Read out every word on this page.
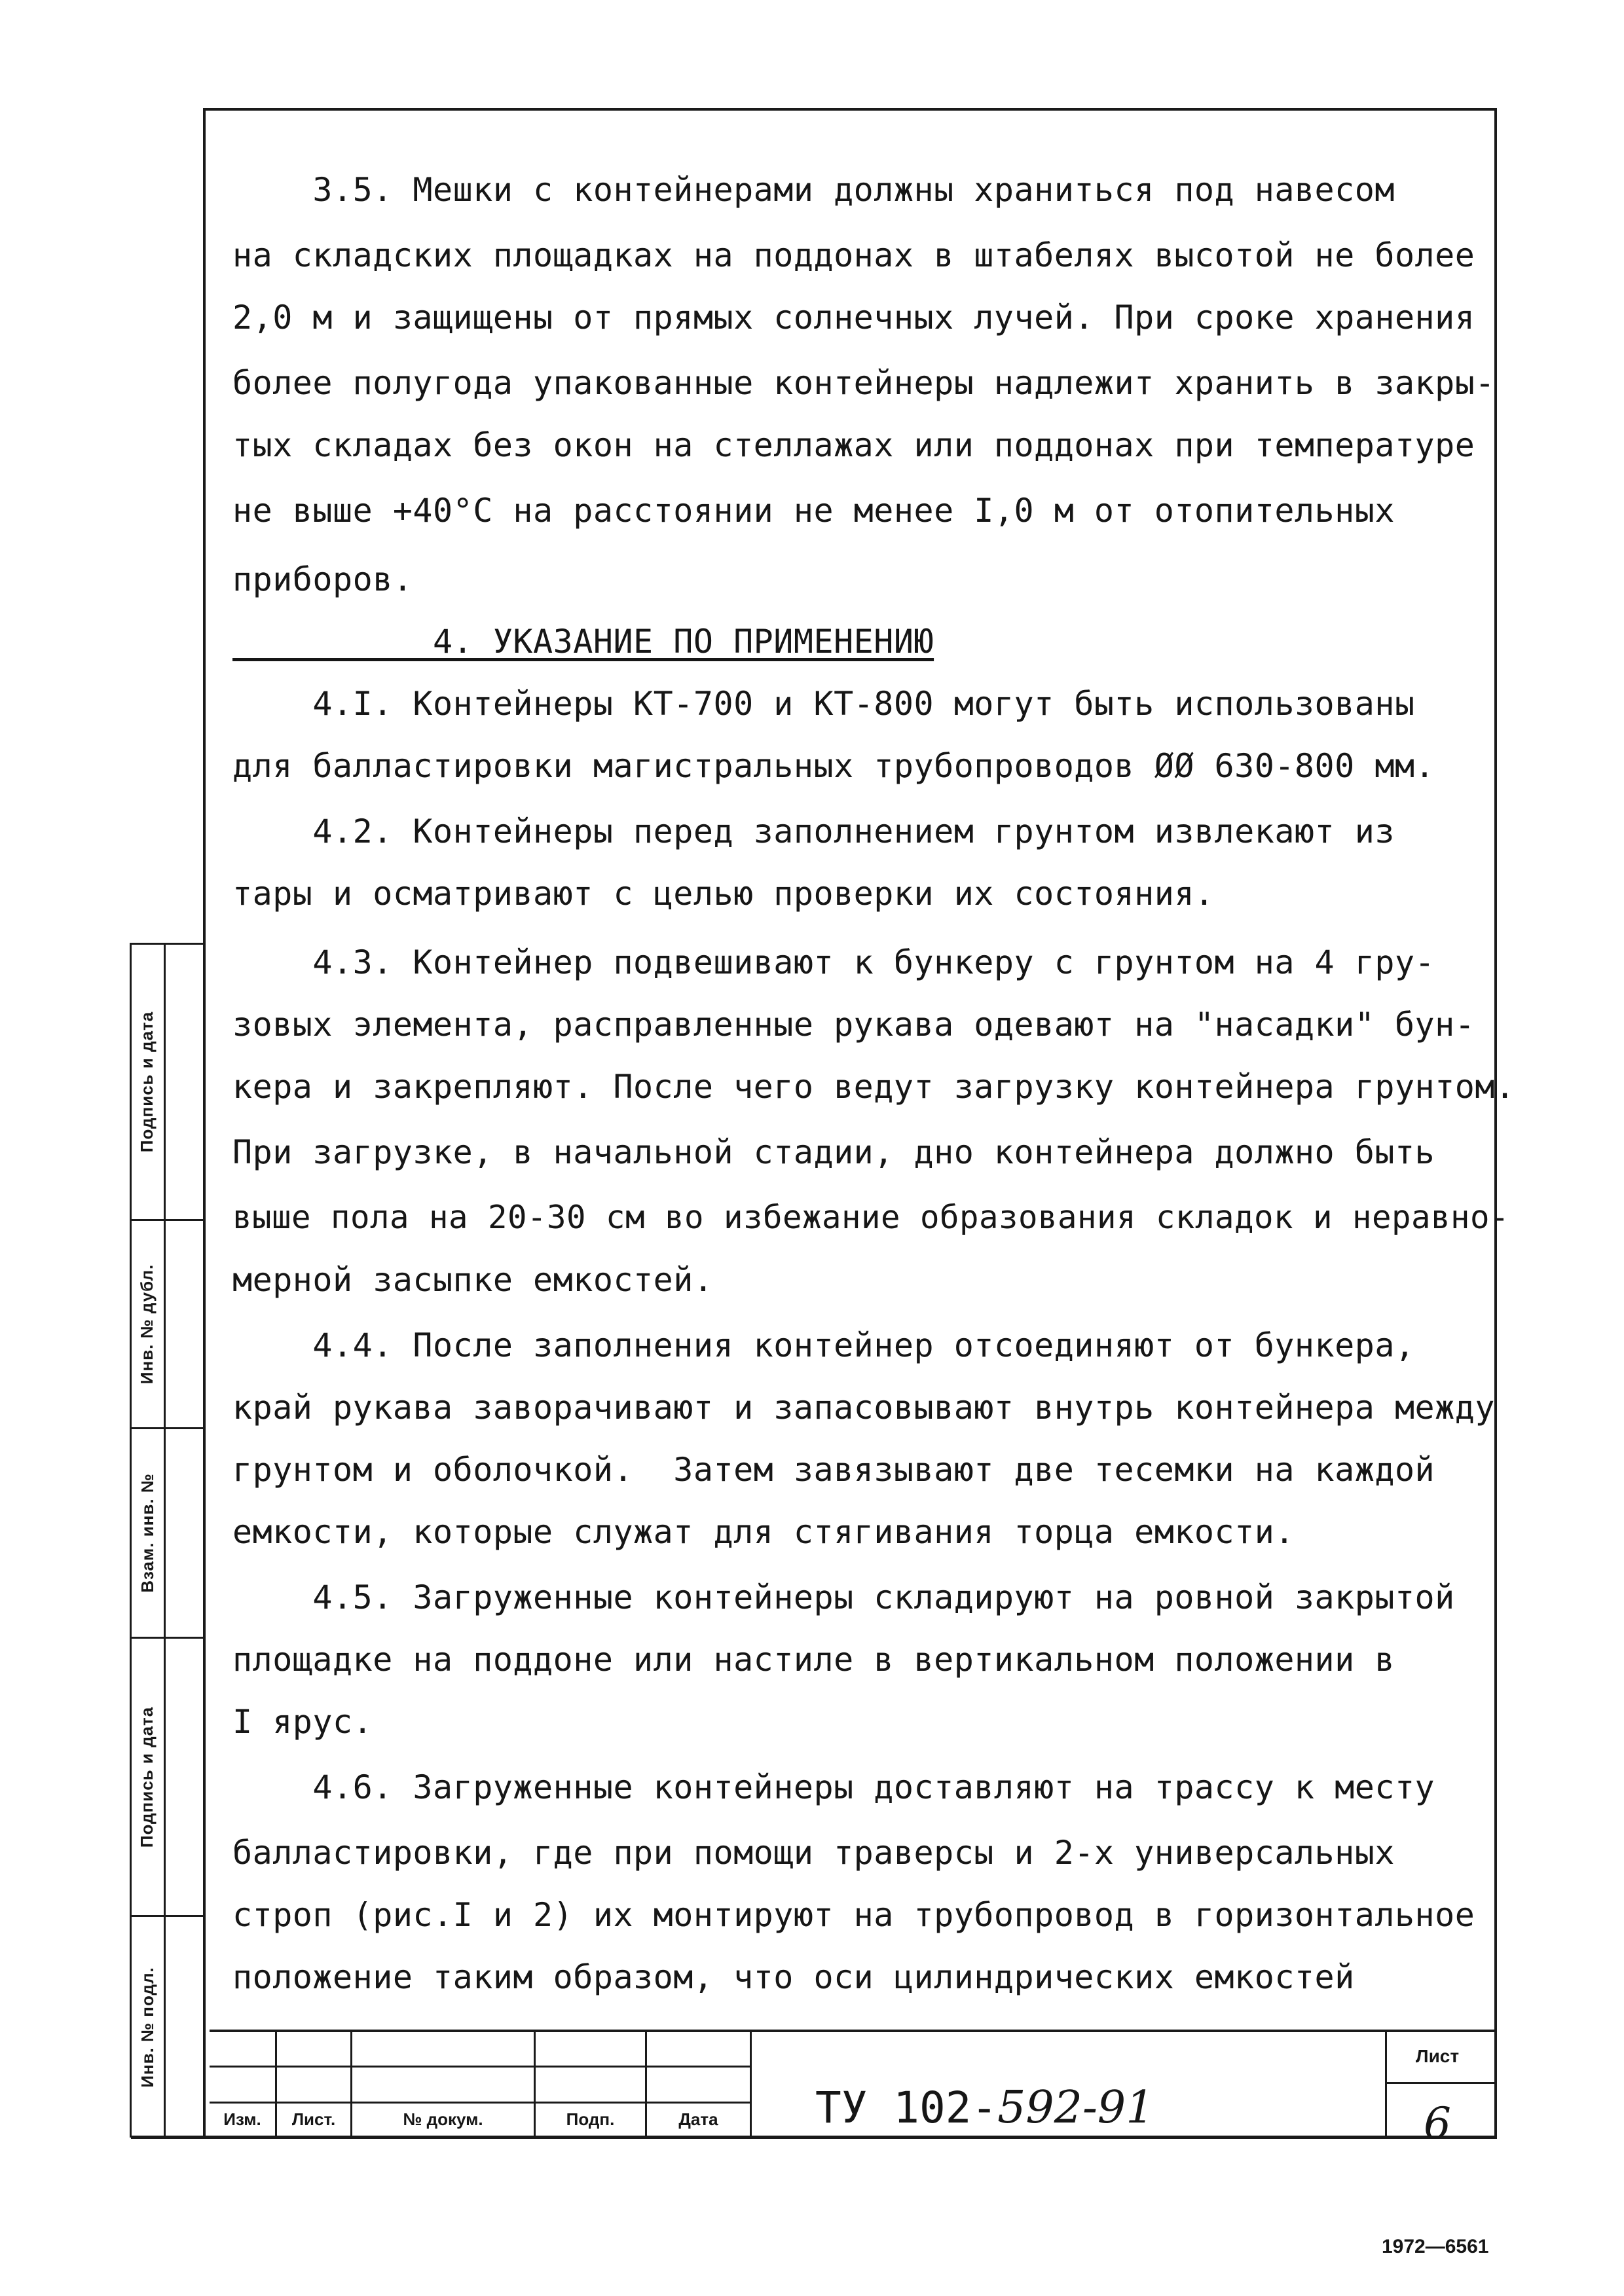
3.5. Мешки с контейнерами должны храниться под навесом
на складских площадках на поддонах в штабелях высотой не более
2,0 м и защищены от прямых солнечных лучей. При сроке хранения
более полугода упакованные контейнеры надлежит хранить в закры-
тых складах без окон на стеллажах или поддонах при температуре
не выше +40°С на расстоянии не менее I,0 м от отопительных
приборов.
4. УКАЗАНИЕ ПО ПРИМЕНЕНИЮ
4.I. Контейнеры КТ-700 и КТ-800 могут быть использованы
для балластировки магистральных трубопроводов ØØ 630-800 мм.
4.2. Контейнеры перед заполнением грунтом извлекают из
тары и осматривают с целью проверки их состояния.
4.3. Контейнер подвешивают к бункеру с грунтом на 4 гру-
зовых элемента, расправленные рукава одевают на "насадки" бун-
кера и закрепляют. После чего ведут загрузку контейнера грунтом.
При загрузке, в начальной стадии, дно контейнера должно быть
выше пола на 20-30 см во избежание образования складок и неравно-
мерной засыпке емкостей.
4.4. После заполнения контейнер отсоединяют от бункера,
край рукава заворачивают и запасовывают внутрь контейнера между
грунтом и оболочкой.  Затем завязывают две тесемки на каждой
емкости, которые служат для стягивания торца емкости.
4.5. Загруженные контейнеры складируют на ровной закрытой
площадке на поддоне или настиле в вертикальном положении в
I ярус.
4.6. Загруженные контейнеры доставляют на трассу к месту
балластировки, где при помощи траверсы и 2-х универсальных
строп (рис.I и 2) их монтируют на трубопровод в горизонтальное
положение таким образом, что оси цилиндрических емкостей
Подпись и дата
Инв. № дубл.
Взам. инв. №
Подпись и дата
Инв. № подл.
Изм.	Лист.	№ докум.	Подп.	Дата	ТУ 102-592-91
Лист
6
1972—6561
